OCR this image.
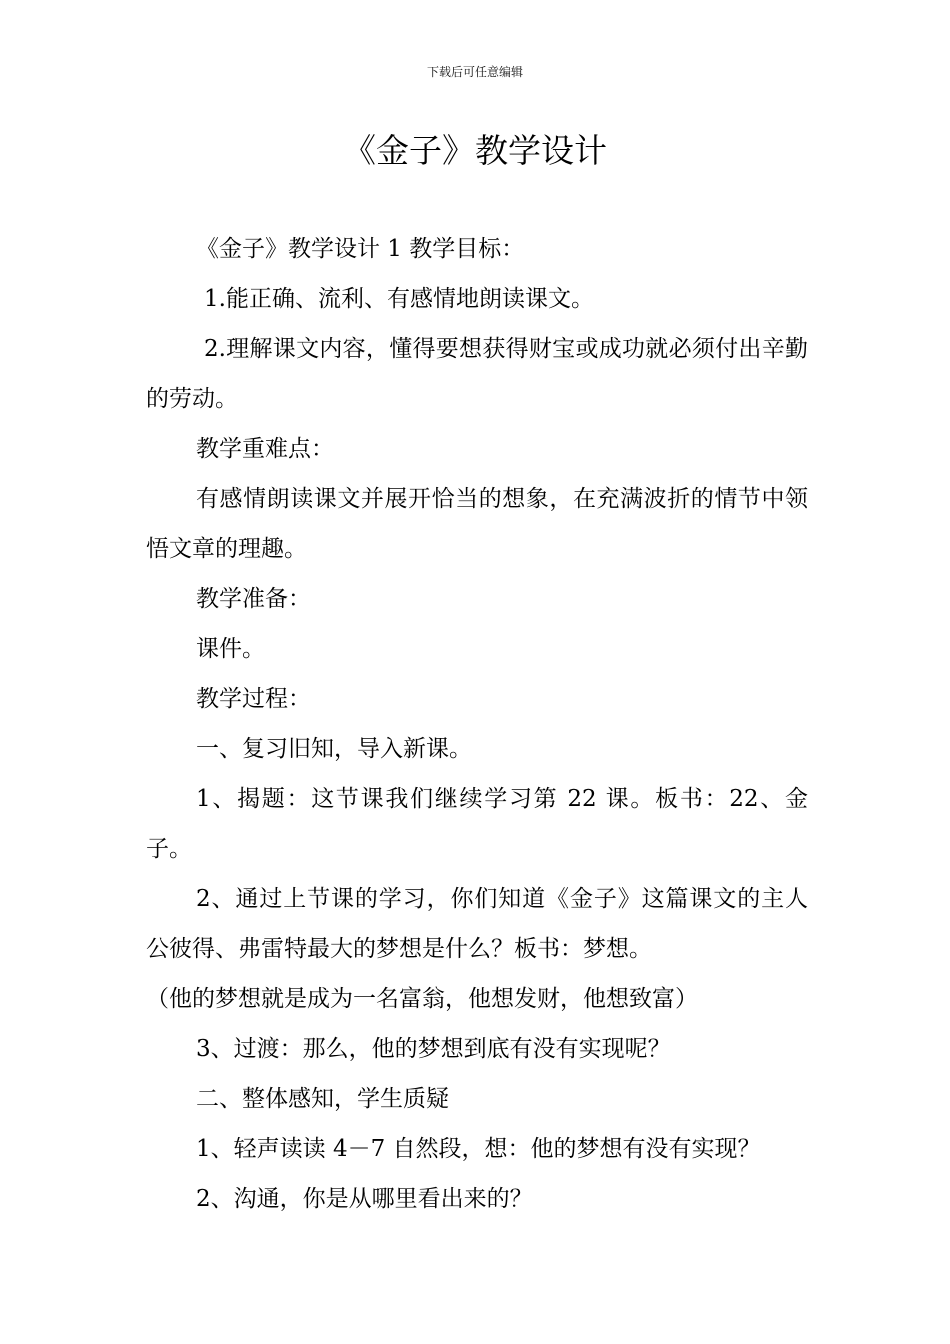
下载后可任意编辑
《金子》教学设计

《金子》教学设计 1 教学目标：

1.能正确、流利、有感情地朗读课文。

2.理解课文内容，懂得要想获得财宝或成功就必须付出辛勤的劳动。

教学重难点：

有感情朗读课文并展开恰当的想象，在充满波折的情节中领悟文章的理趣。

教学准备：

课件。

教学过程：

一、复习旧知，导入新课。

1、揭题：这节课我们继续学习第 22 课。板书：22、金子。

2、通过上节课的学习，你们知道《金子》这篇课文的主人公彼得、弗雷特最大的梦想是什么？板书：梦想。

（他的梦想就是成为一名富翁，他想发财，他想致富）

3、过渡：那么，他的梦想到底有没有实现呢？

二、整体感知，学生质疑

1、轻声读读 4－7 自然段，想：他的梦想有没有实现？

2、沟通，你是从哪里看出来的？
